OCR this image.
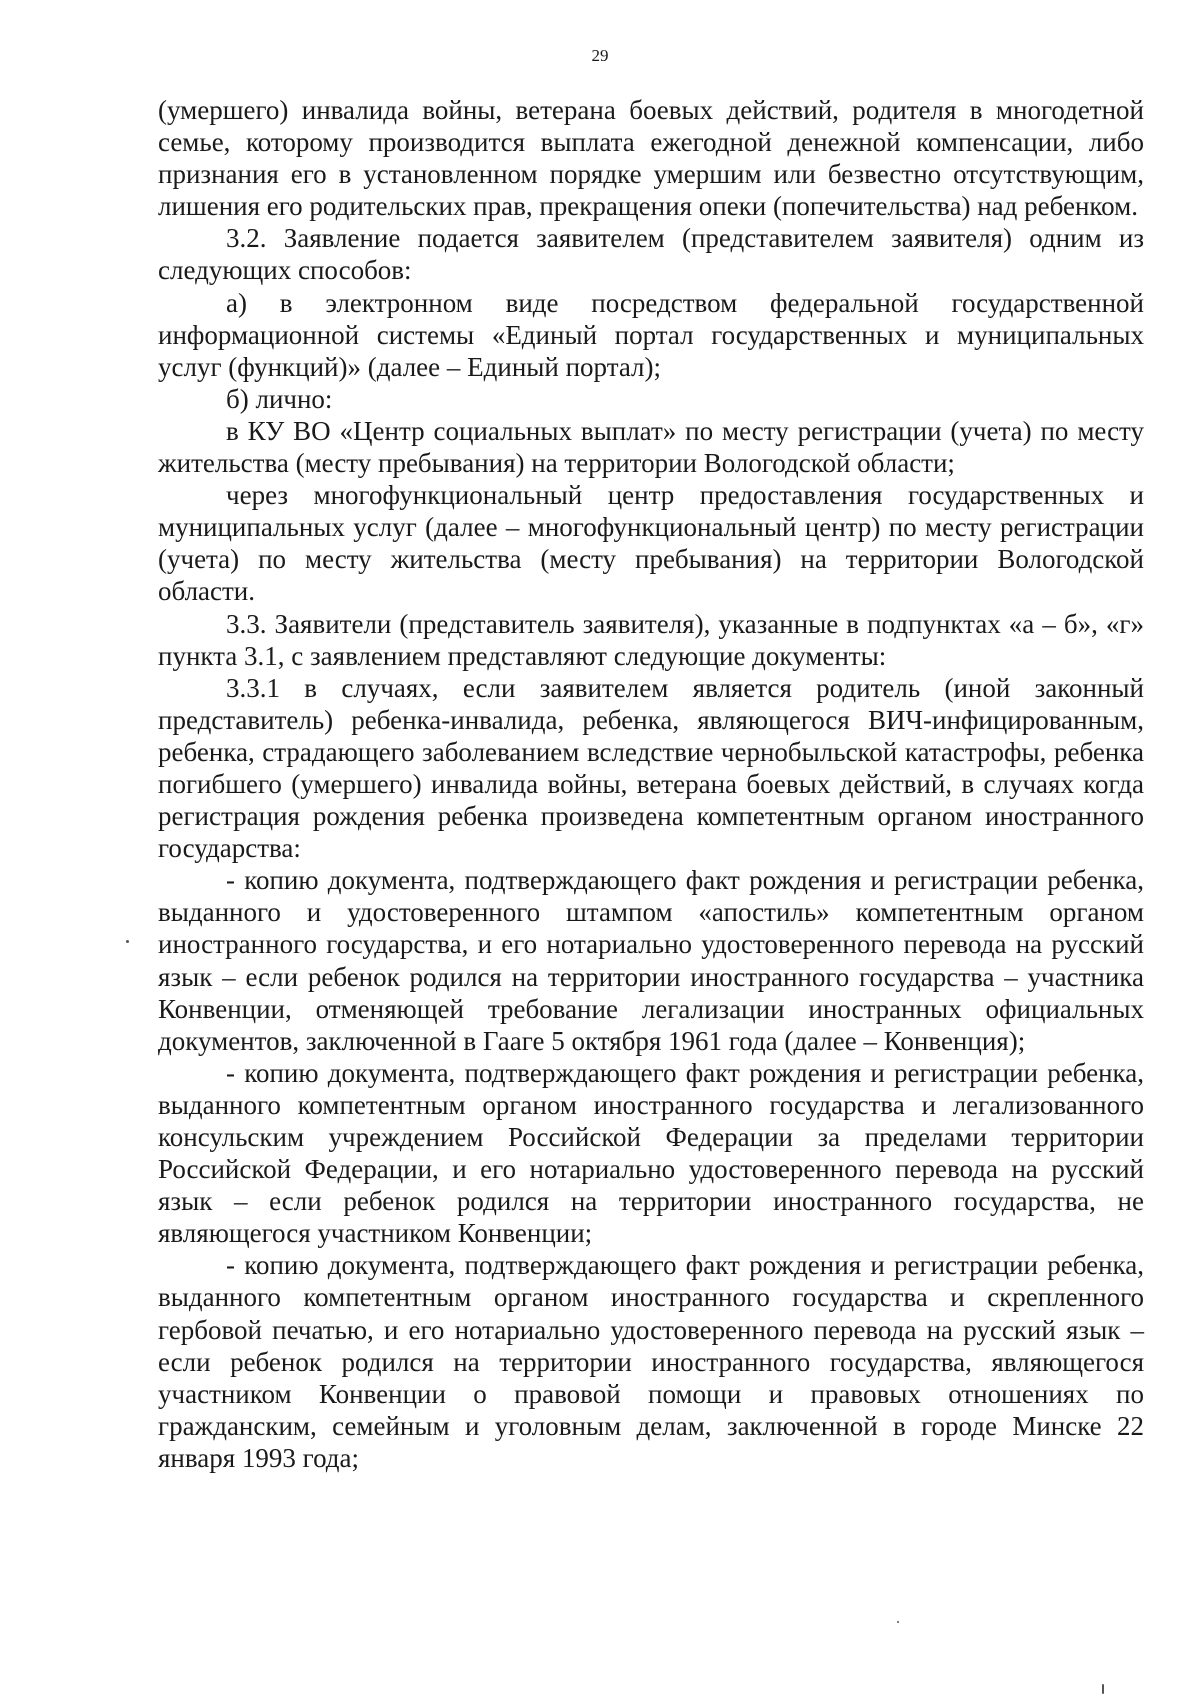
29

(умершего) инвалида войны, ветерана боевых действий, родителя в многодетной семье, которому производится выплата ежегодной денежной компенсации, либо признания его в установленном порядке умершим или безвестно отсутствующим, лишения его родительских прав, прекращения опеки (попечительства) над ребенком.

3.2. Заявление подается заявителем (представителем заявителя) одним из следующих способов:

а) в электронном виде посредством федеральной государственной информационной системы «Единый портал государственных и муниципальных услуг (функций)» (далее – Единый портал);

б) лично:

в КУ ВО «Центр социальных выплат» по месту регистрации (учета) по месту жительства (месту пребывания) на территории Вологодской области;

через многофункциональный центр предоставления государственных и муниципальных услуг (далее – многофункциональный центр) по месту регистрации (учета) по месту жительства (месту пребывания) на территории Вологодской области.

3.3. Заявители (представитель заявителя), указанные в подпунктах «а – б», «г» пункта 3.1, с заявлением представляют следующие документы:

3.3.1 в случаях, если заявителем является родитель (иной законный представитель) ребенка-инвалида, ребенка, являющегося ВИЧ-инфицированным, ребенка, страдающего заболеванием вследствие чернобыльской катастрофы, ребенка погибшего (умершего) инвалида войны, ветерана боевых действий, в случаях когда регистрация рождения ребенка произведена компетентным органом иностранного государства:

- копию документа, подтверждающего факт рождения и регистрации ребенка, выданного и удостоверенного штампом «апостиль» компетентным органом иностранного государства, и его нотариально удостоверенного перевода на русский язык – если ребенок родился на территории иностранного государства – участника Конвенции, отменяющей требование легализации иностранных официальных документов, заключенной в Гааге 5 октября 1961 года (далее – Конвенция);

- копию документа, подтверждающего факт рождения и регистрации ребенка, выданного компетентным органом иностранного государства и легализованного консульским учреждением Российской Федерации за пределами территории Российской Федерации, и его нотариально удостоверенного перевода на русский язык – если ребенок родился на территории иностранного государства, не являющегося участником Конвенции;

- копию документа, подтверждающего факт рождения и регистрации ребенка, выданного компетентным органом иностранного государства и скрепленного гербовой печатью, и его нотариально удостоверенного перевода на русский язык – если ребенок родился на территории иностранного государства, являющегося участником Конвенции о правовой помощи и правовых отношениях по гражданским, семейным и уголовным делам, заключенной в городе Минске 22 января 1993 года;
